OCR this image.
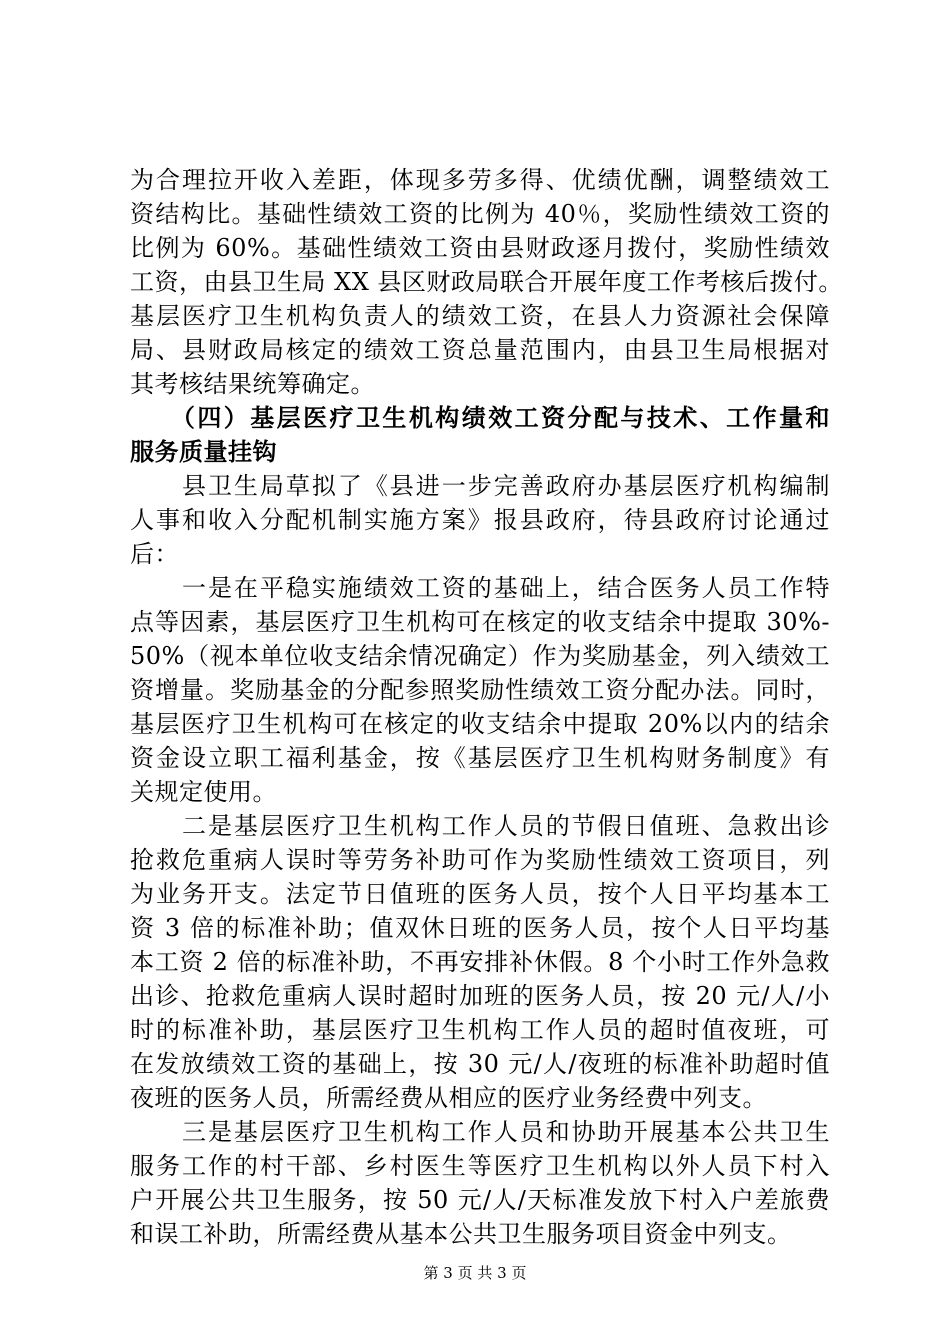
为合理拉开收入差距，体现多劳多得、优绩优酬，调整绩效工
资结构比。基础性绩效工资的比例为 40％，奖励性绩效工资的
比例为 60%。基础性绩效工资由县财政逐月拨付，奖励性绩效
工资，由县卫生局 XX 县区财政局联合开展年度工作考核后拨付。
基层医疗卫生机构负责人的绩效工资，在县人力资源社会保障
局、县财政局核定的绩效工资总量范围内，由县卫生局根据对
其考核结果统筹确定。
　　（四）基层医疗卫生机构绩效工资分配与技术、工作量和
服务质量挂钩
　　县卫生局草拟了《县进一步完善政府办基层医疗机构编制
人事和收入分配机制实施方案》报县政府，待县政府讨论通过
后：
　　一是在平稳实施绩效工资的基础上，结合医务人员工作特
点等因素，基层医疗卫生机构可在核定的收支结余中提取 30%-
50%（视本单位收支结余情况确定）作为奖励基金，列入绩效工
资增量。奖励基金的分配参照奖励性绩效工资分配办法。同时，
基层医疗卫生机构可在核定的收支结余中提取 20%以内的结余
资金设立职工福利基金，按《基层医疗卫生机构财务制度》有
关规定使用。
　　二是基层医疗卫生机构工作人员的节假日值班、急救出诊
抢救危重病人误时等劳务补助可作为奖励性绩效工资项目，列
为业务开支。法定节日值班的医务人员，按个人日平均基本工
资 3 倍的标准补助；值双休日班的医务人员，按个人日平均基
本工资 2 倍的标准补助，不再安排补休假。8 个小时工作外急救
出诊、抢救危重病人误时超时加班的医务人员，按 20 元/人/小
时的标准补助，基层医疗卫生机构工作人员的超时值夜班，可
在发放绩效工资的基础上，按 30 元/人/夜班的标准补助超时值
夜班的医务人员，所需经费从相应的医疗业务经费中列支。
　　三是基层医疗卫生机构工作人员和协助开展基本公共卫生
服务工作的村干部、乡村医生等医疗卫生机构以外人员下村入
户开展公共卫生服务，按 50 元/人/天标准发放下村入户差旅费
和误工补助，所需经费从基本公共卫生服务项目资金中列支。
第 3 页 共 3 页
